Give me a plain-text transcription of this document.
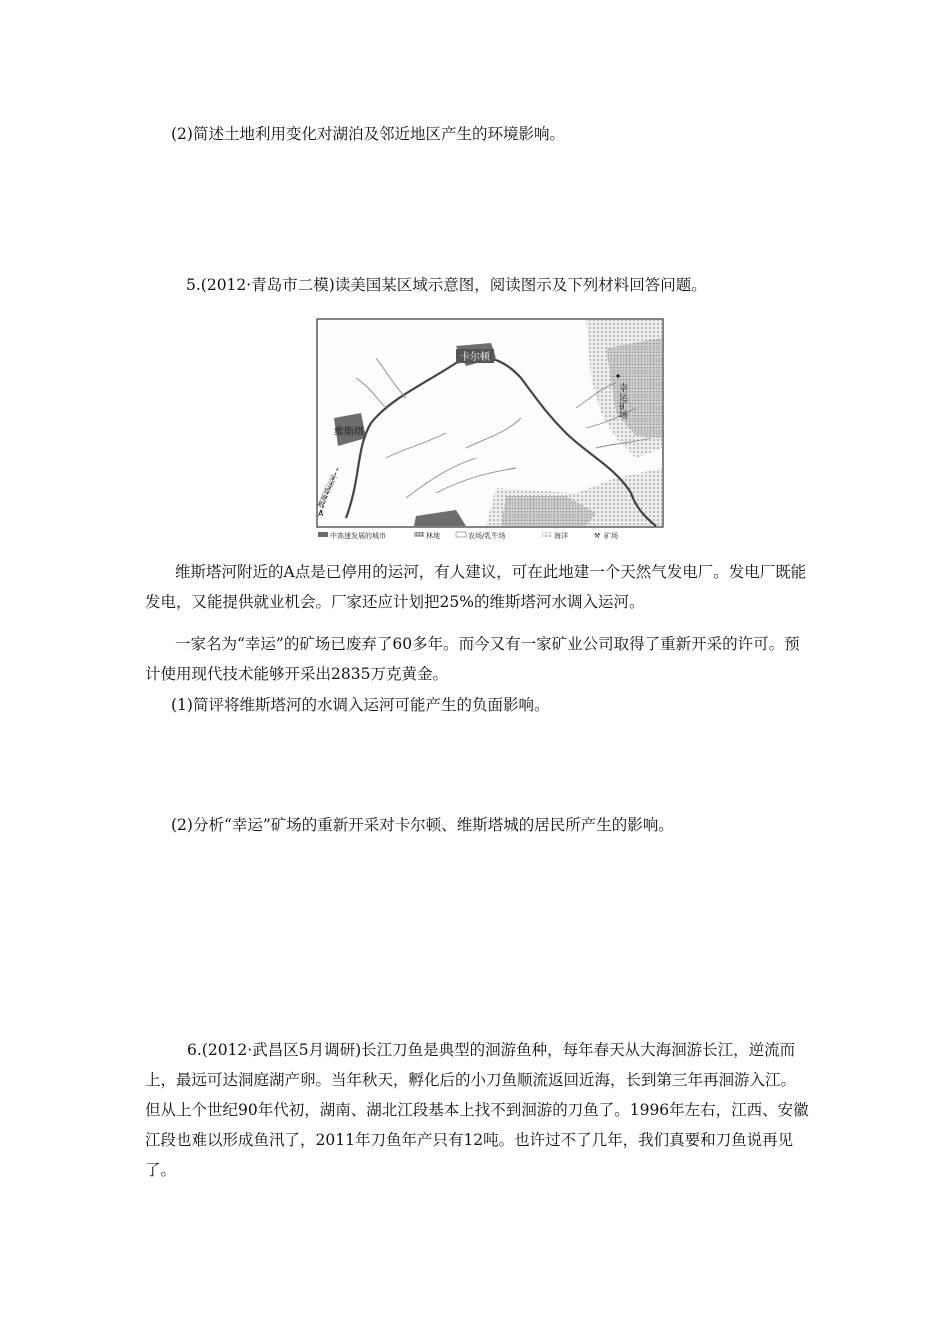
(2)简述土地利用变化对湖泊及邻近地区产生的环境影响。

5.(2012·青岛市二模)读美国某区域示意图，阅读图示及下列材料回答问题。

卡尔顿
维斯塔
维斯塔运河
A
幸运矿场
中高速发展的城市	林地	农场/乳牛场	海洋	⚒ 矿场

维斯塔河附近的A点是已停用的运河，有人建议，可在此地建一个天然气发电厂。发电厂既能发电，又能提供就业机会。厂家还应计划把25%的维斯塔河水调入运河。

一家名为“幸运”的矿场已废弃了60多年。而今又有一家矿业公司取得了重新开采的许可。预计使用现代技术能够开采出2835万克黄金。

(1)简评将维斯塔河的水调入运河可能产生的负面影响。

(2)分析“幸运”矿场的重新开采对卡尔顿、维斯塔城的居民所产生的影响。

6.(2012·武昌区5月调研)长江刀鱼是典型的洄游鱼种，每年春天从大海洄游长江，逆流而上，最远可达洞庭湖产卵。当年秋天，孵化后的小刀鱼顺流返回近海，长到第三年再洄游入江。但从上个世纪90年代初，湖南、湖北江段基本上找不到洄游的刀鱼了。1996年左右，江西、安徽江段也难以形成鱼汛了，2011年刀鱼年产只有12吨。也许过不了几年，我们真要和刀鱼说再见了。
